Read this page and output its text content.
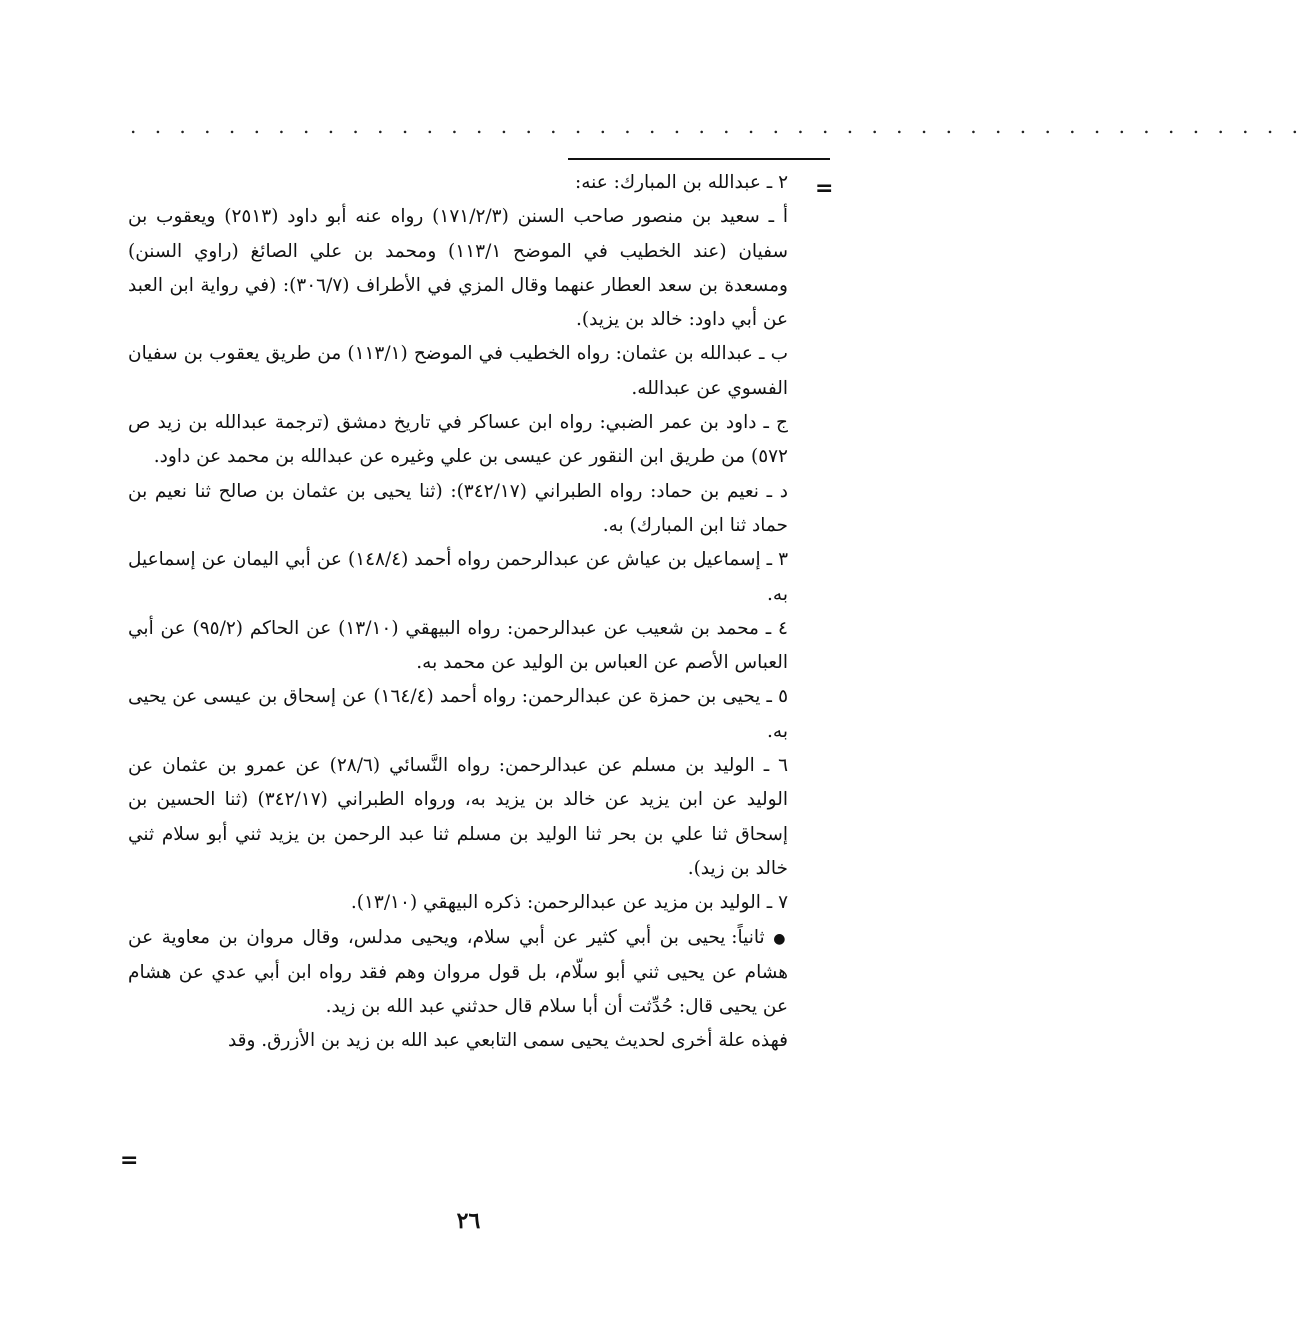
. . . . . . . . . . . . . . . . . . . . . . . . . . . . . . . . . . . . . . . . . . . . . . . .
=

٢ ـ عبدالله بن المبارك: عنه:

أ ـ سعيد بن منصور صاحب السنن (١٧١/٢/٣) رواه عنه أبو داود (٢٥١٣) ويعقوب بن سفيان (عند الخطيب في الموضح ١١٣/١) ومحمد بن علي الصائغ (راوي السنن) ومسعدة بن سعد العطار عنهما وقال المزي في الأطراف (٣٠٦/٧): (في رواية ابن العبد عن أبي داود: خالد بن يزيد).

ب ـ عبدالله بن عثمان: رواه الخطيب في الموضح (١١٣/١) من طريق يعقوب بن سفيان الفسوي عن عبدالله.

ج ـ داود بن عمر الضبي: رواه ابن عساكر في تاريخ دمشق (ترجمة عبدالله بن زيد ص ٥٧٢) من طريق ابن النقور عن عيسى بن علي وغيره عن عبدالله بن محمد عن داود.

د ـ نعيم بن حماد: رواه الطبراني (٣٤٢/١٧): (ثنا يحيى بن عثمان بن صالح ثنا نعيم بن حماد ثنا ابن المبارك) به.

٣ ـ إسماعيل بن عياش عن عبدالرحمن رواه أحمد (١٤٨/٤) عن أبي اليمان عن إسماعيل به.

٤ ـ محمد بن شعيب عن عبدالرحمن: رواه البيهقي (١٣/١٠) عن الحاكم (٩٥/٢) عن أبي العباس الأصم عن العباس بن الوليد عن محمد به.

٥ ـ يحيى بن حمزة عن عبدالرحمن: رواه أحمد (١٦٤/٤) عن إسحاق بن عيسى عن يحيى به.

٦ ـ الوليد بن مسلم عن عبدالرحمن: رواه النَّسائي (٢٨/٦) عن عمرو بن عثمان عن الوليد عن ابن يزيد عن خالد بن يزيد به، ورواه الطبراني (٣٤٢/١٧) (ثنا الحسين بن إسحاق ثنا علي بن بحر ثنا الوليد بن مسلم ثنا عبد الرحمن بن يزيد ثني أبو سلام ثني خالد بن زيد).

٧ ـ الوليد بن مزيد عن عبدالرحمن: ذكره البيهقي (١٣/١٠).

● ثانياً: يحيى بن أبي كثير عن أبي سلام، ويحيى مدلس، وقال مروان بن معاوية عن هشام عن يحيى ثني أبو سلّام، بل قول مروان وهم فقد رواه ابن أبي عدي عن هشام عن يحيى قال: حُدِّثت أن أبا سلام قال حدثني عبد الله بن زيد.

فهذه علة أخرى لحديث يحيى سمى التابعي عبد الله بن زيد بن الأزرق. وقد

=
٢٦
